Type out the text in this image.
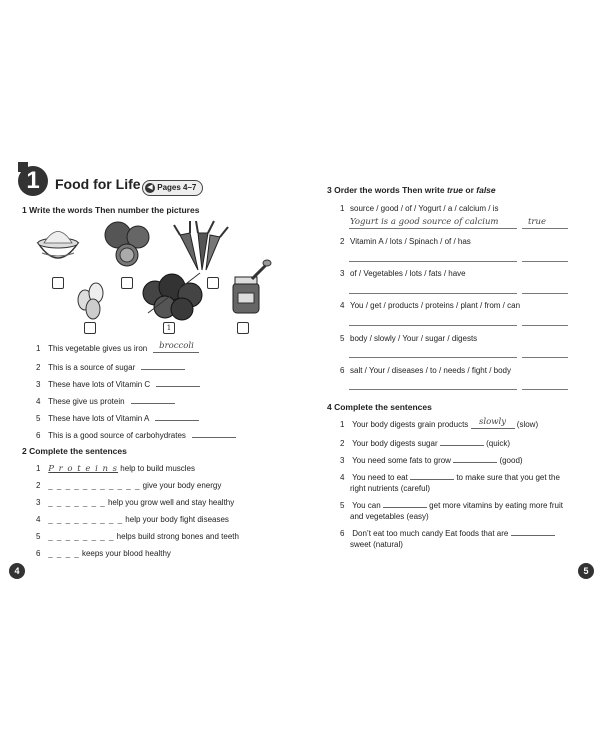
1	Food for Life ◀ Pages 4–7
1 Write the words Then number the pictures
1
1 This vegetable gives us iron broccoli
2 This is a source of sugar
3 These have lots of Vitamin C
4 These give us protein
5 These have lots of Vitamin A
6 This is a good source of carbohydrates
2 Complete the sentences
1 P r o t e i n s help to build muscles
2 _ _ _ _ _ _ _ _ _ _ _ give your body energy
3 _ _ _ _ _ _ _ help you grow well and stay healthy
4 _ _ _ _ _ _ _ _ _ help your body fight diseases
5 _ _ _ _ _ _ _ _ helps build strong bones and teeth
6 _ _ _ _ keeps your blood healthy
4
3 Order the words Then write true or false
1 source / good / of / Yogurt / a / calcium / is
Yogurt is a good source of calcium	true
2 Vitamin A / lots / Spinach / of / has
3 of / Vegetables / lots / fats / have
4 You / get / products / proteins / plant / from / can
5 body / slowly / Your / sugar / digests
6 salt / Your / diseases / to / needs / fight / body
4 Complete the sentences
1 Your body digests grain products slowly (slow)
2 Your body digests sugar	(quick)
3 You need some fats to grow	(good)
4 You need to eat	to make sure that you get the
right nutrients (careful)
5 You can	get more vitamins by eating more fruit
and vegetables (easy)
6 Don’t eat too much candy Eat foods that are
sweet (natural)
5
